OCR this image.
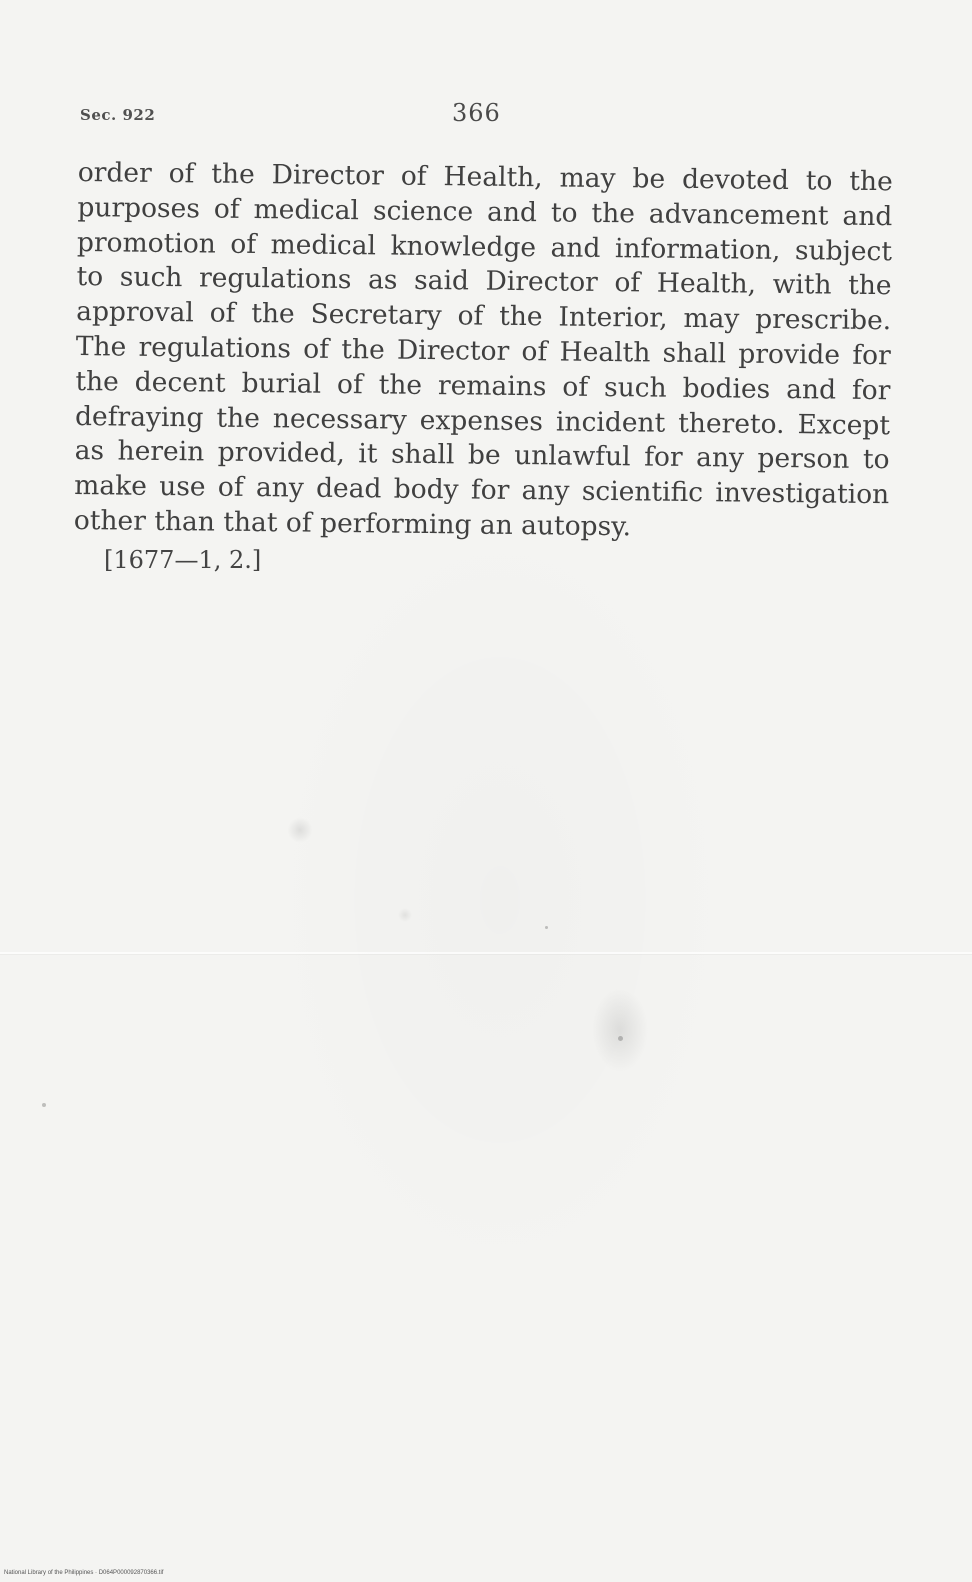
Sec. 922	366
order of the Director of Health, may be devoted to the
purposes of medical science and to the advancement and
promotion of medical knowledge and information, subject
to such regulations as said Director of Health, with the
approval of the Secretary of the Interior, may prescribe.
The regulations of the Director of Health shall provide for
the decent burial of the remains of such bodies and for
defraying the necessary expenses incident thereto. Except
as herein provided, it shall be unlawful for any person to
make use of any dead body for any scientific investigation
other than that of performing an autopsy.
[1677—1, 2.]
National Library of the Philippines · D064P000092870366.tif
